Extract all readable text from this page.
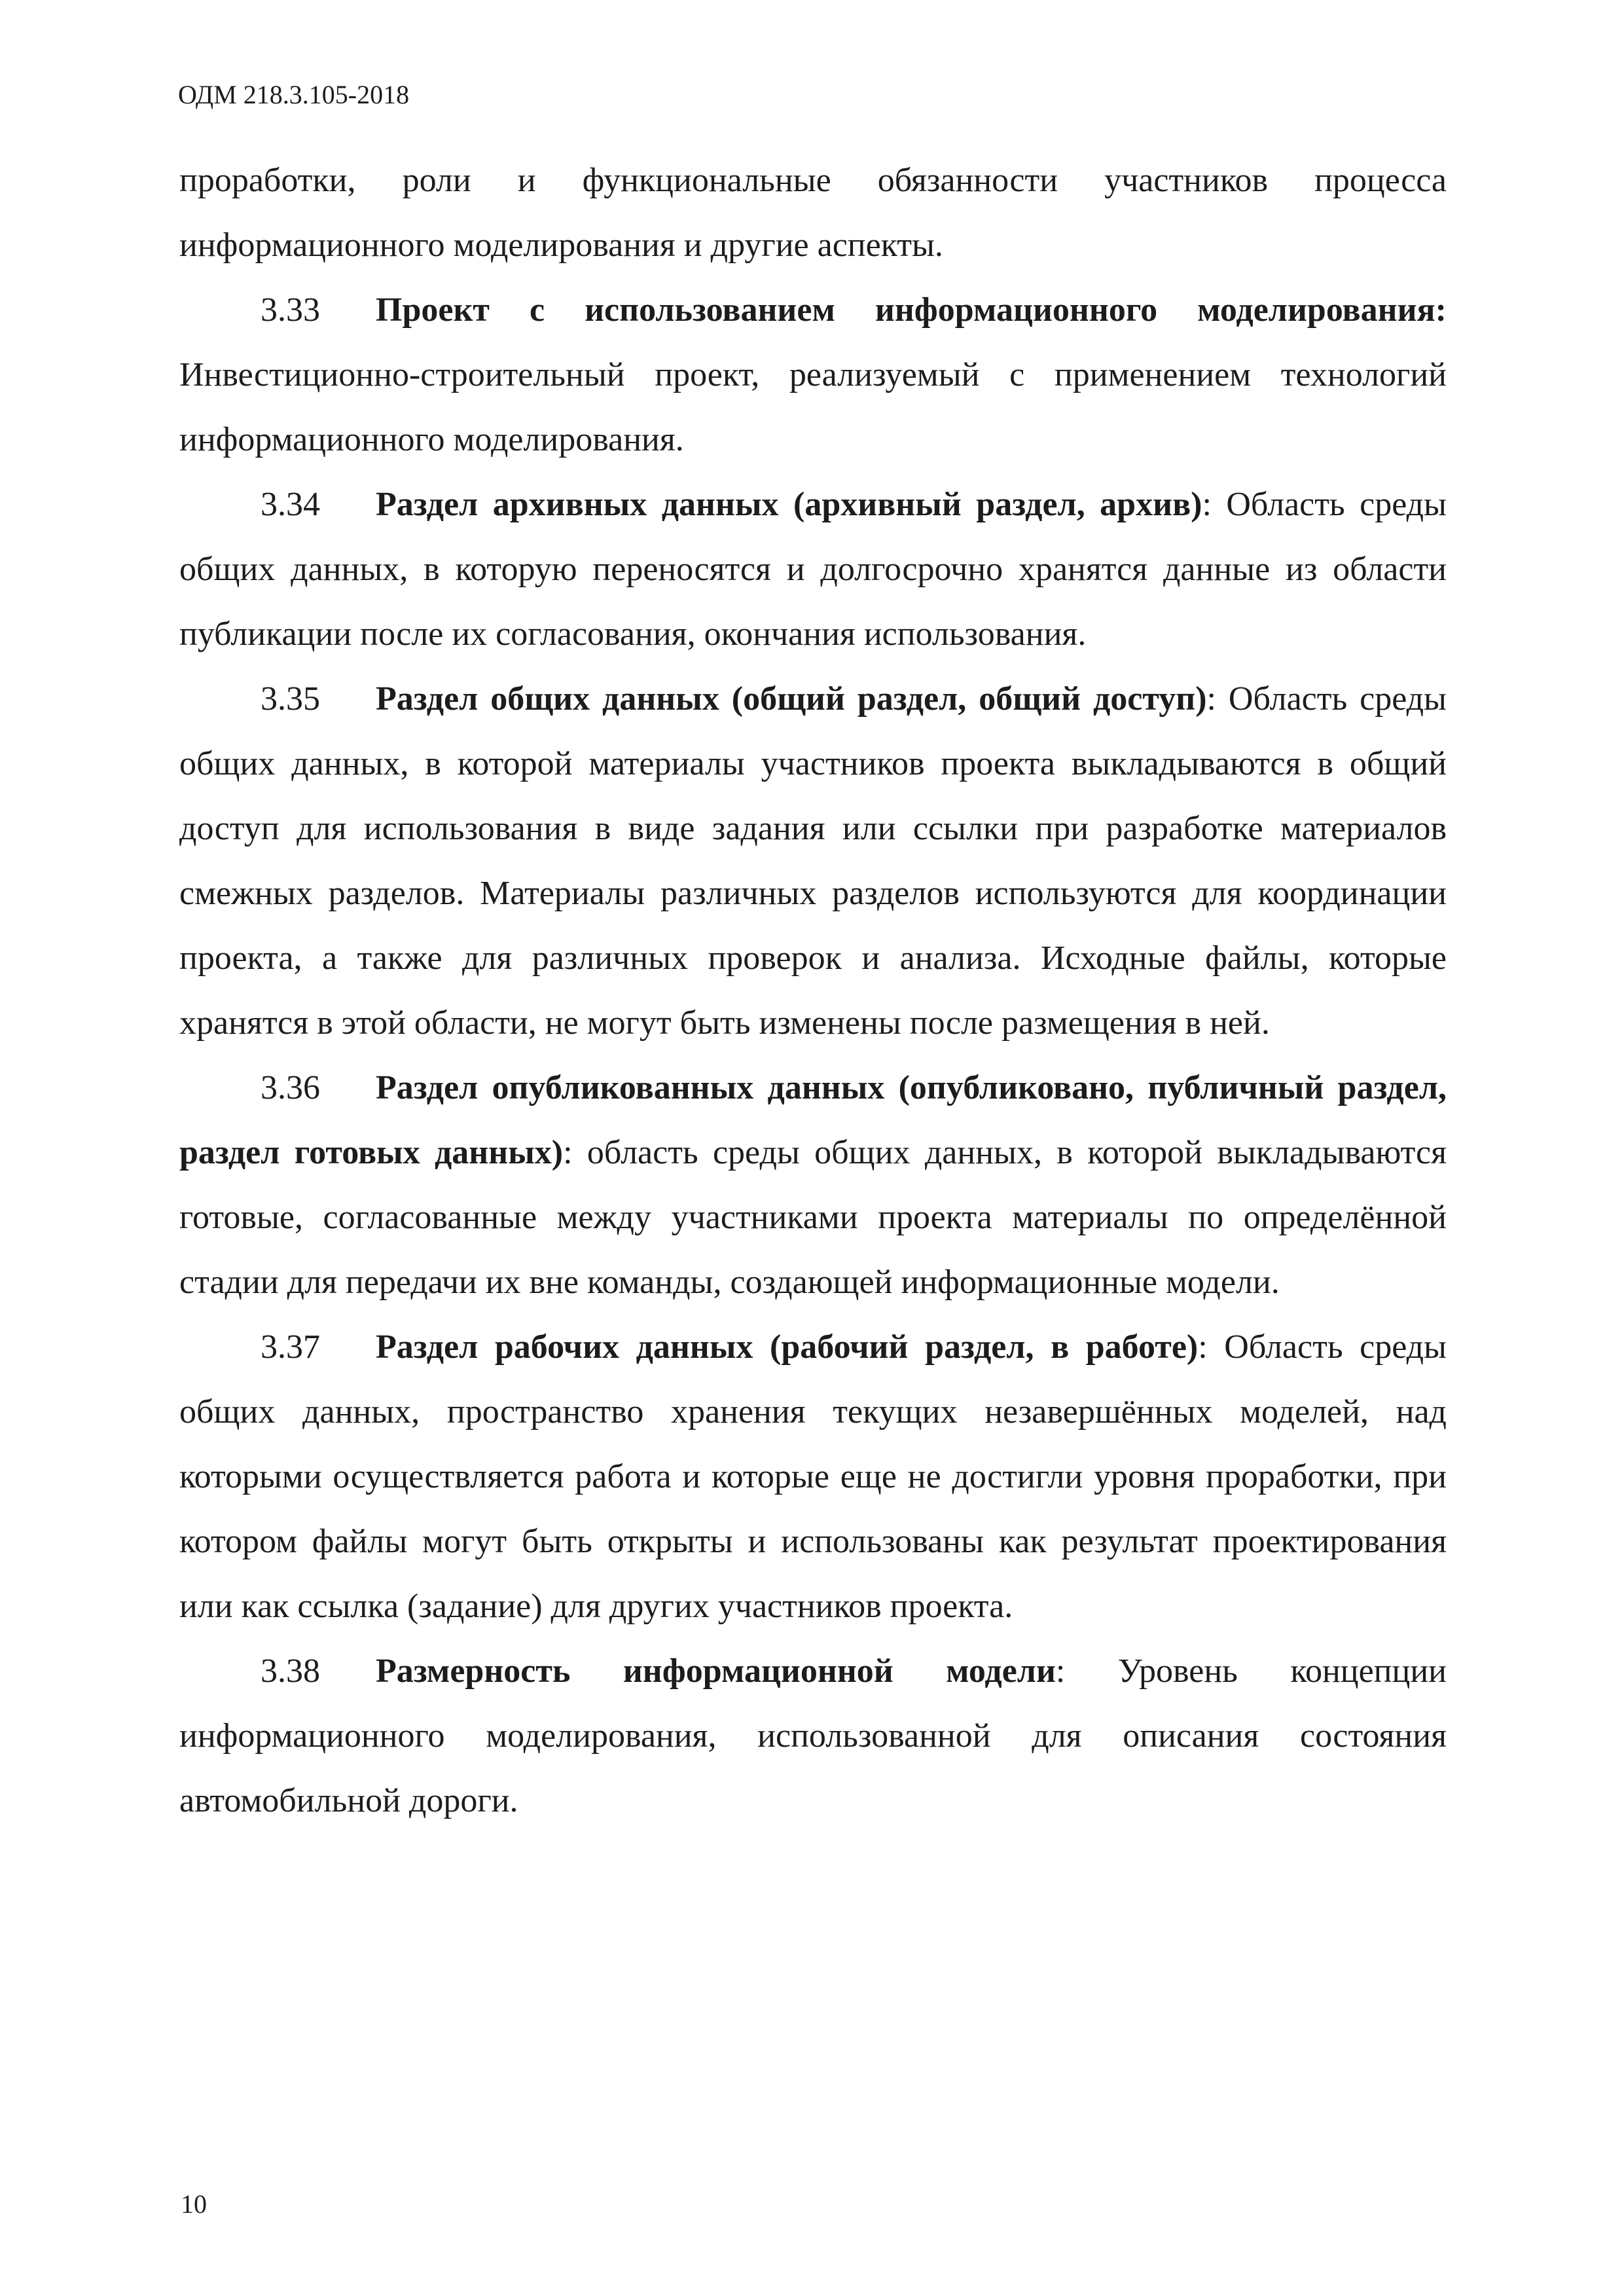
ОДМ 218.3.105-2018

проработки, роли и функциональные обязанности участников процесса информационного моделирования и другие аспекты.

3.33 Проект с использованием информационного моделирования: Инвестиционно-строительный проект, реализуемый с применением технологий информационного моделирования.

3.34 Раздел архивных данных (архивный раздел, архив): Область среды общих данных, в которую переносятся и долгосрочно хранятся данные из области публикации после их согласования, окончания использования.

3.35 Раздел общих данных (общий раздел, общий доступ): Область среды общих данных, в которой материалы участников проекта выкладываются в общий доступ для использования в виде задания или ссылки при разработке материалов смежных разделов. Материалы различных разделов используются для координации проекта, а также для различных проверок и анализа. Исходные файлы, которые хранятся в этой области, не могут быть изменены после размещения в ней.

3.36 Раздел опубликованных данных (опубликовано, публичный раздел, раздел готовых данных): область среды общих данных, в которой выкладываются готовые, согласованные между участниками проекта материалы по определённой стадии для передачи их вне команды, создающей информационные модели.

3.37 Раздел рабочих данных (рабочий раздел, в работе): Область среды общих данных, пространство хранения текущих незавершённых моделей, над которыми осуществляется работа и которые еще не достигли уровня проработки, при котором файлы могут быть открыты и использованы как результат проектирования или как ссылка (задание) для других участников проекта.

3.38 Размерность информационной модели: Уровень концепции информационного моделирования, использованной для описания состояния автомобильной дороги.

10
